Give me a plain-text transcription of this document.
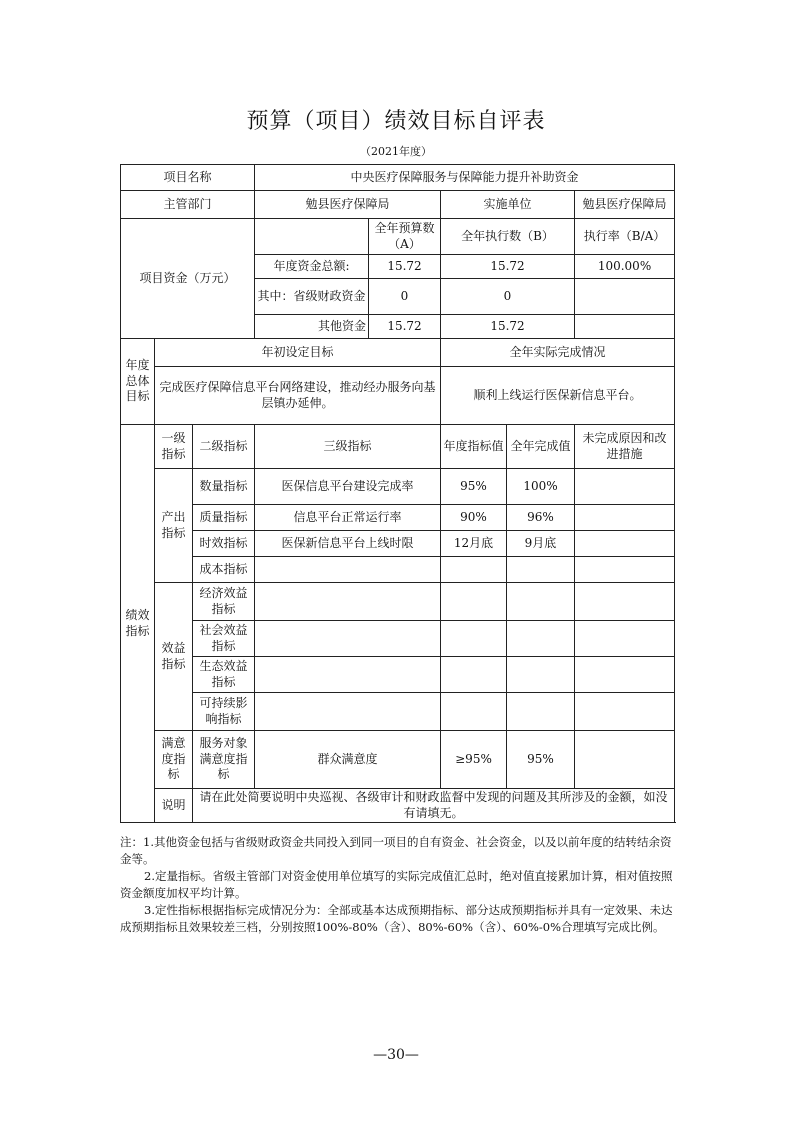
预算（项目）绩效目标自评表
（2021年度）
项目名称			中央医疗保障服务与保障能力提升补助资金				
主管部门			勉县医疗保障局		实施单位		勉县医疗保障局
项目资金（万元）				全年预算数（A）	全年执行数（B）		执行率（B/A）
			年度资金总额:	15.72	15.72		100.00%
			其中：省级财政资金	0	0		
			其他资金	15.72	15.72		
年度总体目标	年初设定目标				全年实际完成情况		
	完成医疗保障信息平台网络建设，推动经办服务向基层镇办延伸。				顺利上线运行医保新信息平台。		
绩效指标	一级指标	二级指标	三级指标		年度指标值	全年完成值	未完成原因和改进措施
	产出指标	数量指标	医保信息平台建设完成率		95%	100%	
		质量指标	信息平台正常运行率		90%	96%	
		时效指标	医保新信息平台上线时限		12月底	9月底	
		成本指标					
	效益指标	经济效益指标					
		社会效益指标					
		生态效益指标					
		可持续影响指标					
	满意度指标	服务对象满意度指标	群众满意度		≥95%	95%	
	说明	请在此处简要说明中央巡视、各级审计和财政监督中发现的问题及其所涉及的金额，如没有请填无。					

注：1.其他资金包括与省级财政资金共同投入到同一项目的自有资金、社会资金，以及以前年度的结转结余资金等。

2.定量指标。省级主管部门对资金使用单位填写的实际完成值汇总时，绝对值直接累加计算，相对值按照资金额度加权平均计算。

3.定性指标根据指标完成情况分为：全部或基本达成预期指标、部分达成预期指标并具有一定效果、未达成预期指标且效果较差三档，分别按照100%-80%（含）、80%-60%（含）、60%-0%合理填写完成比例。

—30—
